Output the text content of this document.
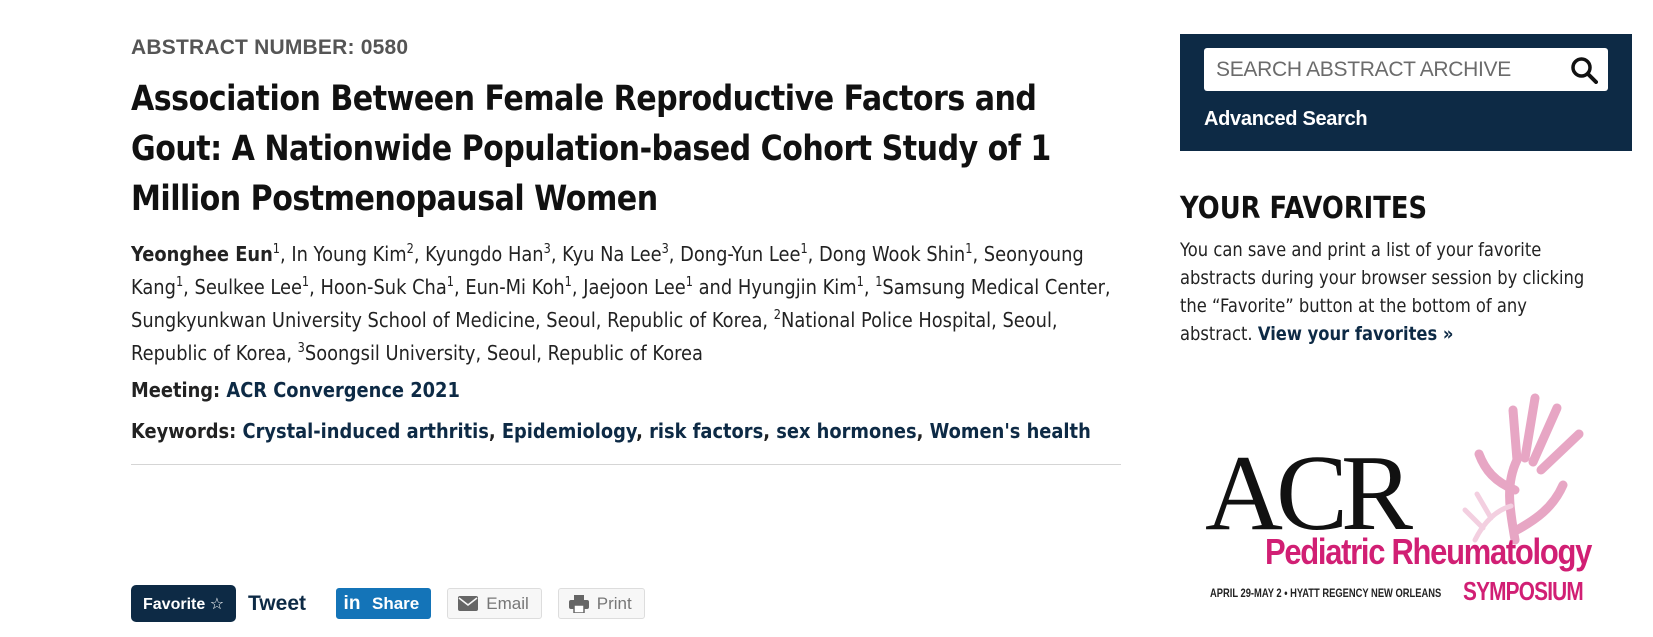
ABSTRACT NUMBER: 0580
Association Between Female Reproductive Factors and Gout: A Nationwide Population-based Cohort Study of 1 Million Postmenopausal Women
Yeonghee Eun$^1$, In Young Kim$^2$, Kyungdo Han$^3$, Kyu Na Lee$^3$, Dong-Yun Lee$^1$, Dong Wook Shin$^1$, Seonyoung Kang$^1$, Seulkee Lee$^1$, Hoon-Suk Cha$^1$, Eun-Mi Koh$^1$, Jaejoon Lee$^1$ and Hyungjin Kim$^1$, $^1$Samsung Medical Center, Sungkyunkwan University School of Medicine, Seoul, Republic of Korea, $^2$National Police Hospital, Seoul, Republic of Korea, $^3$Soongsil University, Seoul, Republic of Korea
Meeting: ACR Convergence 2021
Keywords: Crystal-induced arthritis, Epidemiology, risk factors, sex hormones, Women's health
Favorite ☆	Tweet in Share	Email	Print
SEARCH ABSTRACT ARCHIVE
Advanced Search
YOUR FAVORITES
You can save and print a list of your favorite abstracts during your browser session by clicking the “Favorite” button at the bottom of any abstract. View your favorites »
ACR
Pediatric Rheumatology
APRIL 29-MAY 2 • HYATT REGENCY NEW ORLEANS SYMPOSIUM
